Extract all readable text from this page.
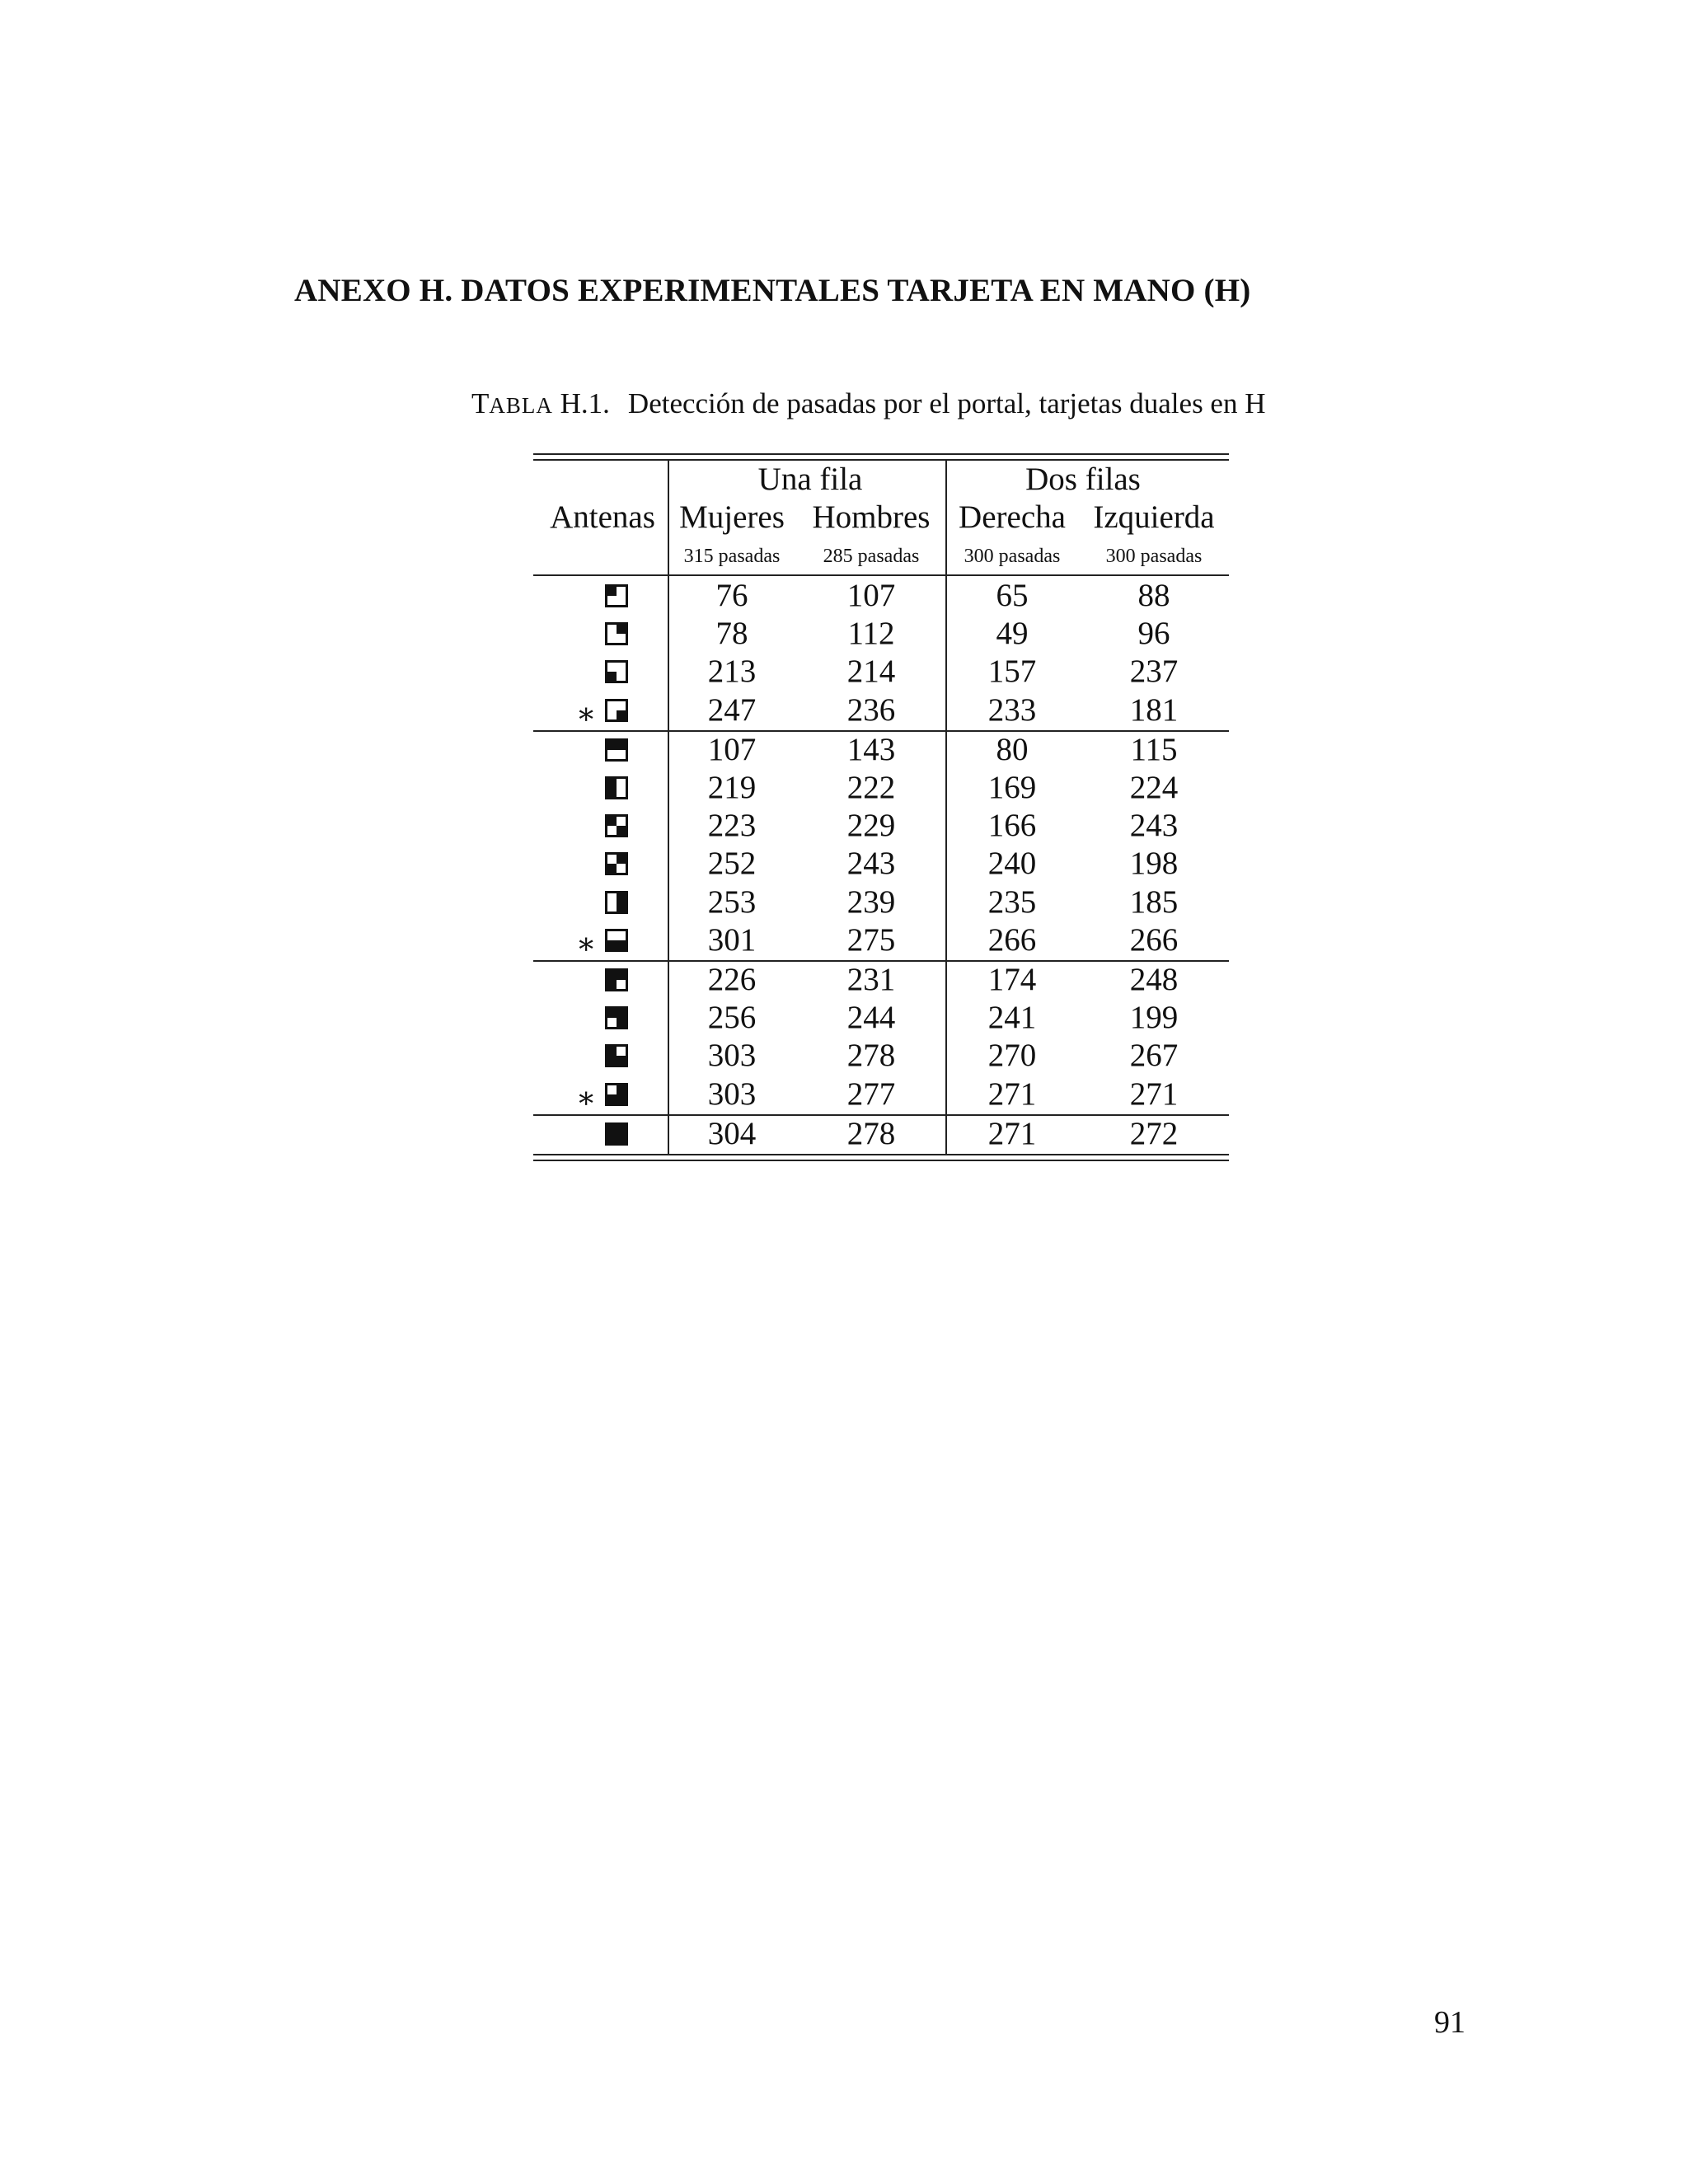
ANEXO H. DATOS EXPERIMENTALES TARJETA EN MANO (H)
TABLA H.1. Detección de pasadas por el portal, tarjetas duales en H
Una fila	Dos filas
Antenas Mujeres Hombres Derecha Izquierda
315 pasadas 285 pasadas 300 pasadas 300 pasadas
76	107	65	88
78	112	49	96
213	214	157	237
∗	247	236	233	181
107	143	80	115
219	222	169	224
223	229	166	243
252	243	240	198
253	239	235	185
∗	301	275	266	266
226	231	174	248
256	244	241	199
303	278	270	267
∗	303	277	271	271
304	278	271	272
91
